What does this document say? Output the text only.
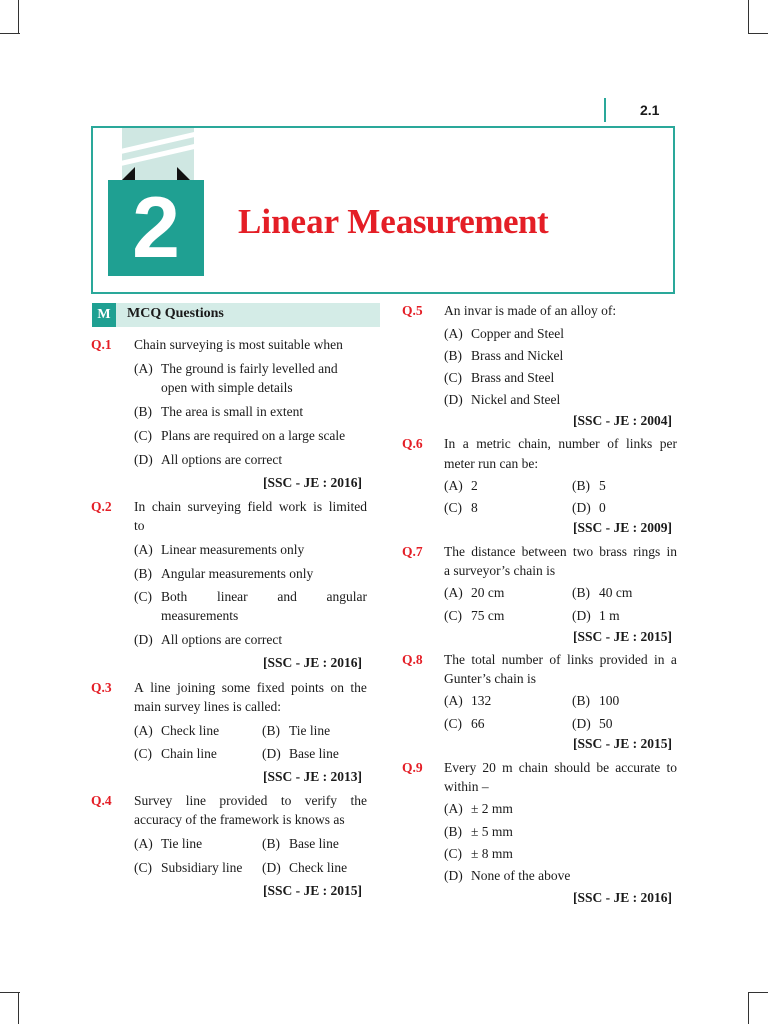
2.1
2	Linear Measurement
M	MCQ Questions
Q.1 Chain surveying is most suitable when
(A) The ground is fairly levelled and
open with simple details
(B) The area is small in extent
(C) Plans are required on a large scale
(D) All options are correct
[SSC - JE : 2016]
Q.2 In chain surveying field work is limited
to
(A) Linear measurements only
(B) Angular measurements only
(C) Both linear and angular
measurements
(D) All options are correct
[SSC - JE : 2016]
Q.3 A line joining some fixed points on the
main survey lines is called:
(A) Check line	(B) Tie line
(C) Chain line	(D) Base line
[SSC - JE : 2013]
Q.4 Survey line provided to verify the
accuracy of the framework is knows as
(A) Tie line	(B) Base line
(C) Subsidiary line (D) Check line
[SSC - JE : 2015]
Q.5 An invar is made of an alloy of:
(A) Copper and Steel
(B) Brass and Nickel
(C) Brass and Steel
(D) Nickel and Steel
[SSC - JE : 2004]
Q.6 In a metric chain, number of links per
meter run can be:
(A) 2	(B) 5
(C) 8	(D) 0
[SSC - JE : 2009]
Q.7 The distance between two brass rings in
a surveyor’s chain is
(A) 20 cm	(B) 40 cm
(C) 75 cm	(D) 1 m
[SSC - JE : 2015]
Q.8 The total number of links provided in a
Gunter’s chain is
(A) 132	(B) 100
(C) 66	(D) 50
[SSC - JE : 2015]
Q.9 Every 20 m chain should be accurate to
within –
(A) ± 2 mm
(B) ± 5 mm
(C) ± 8 mm
(D) None of the above
[SSC - JE : 2016]
